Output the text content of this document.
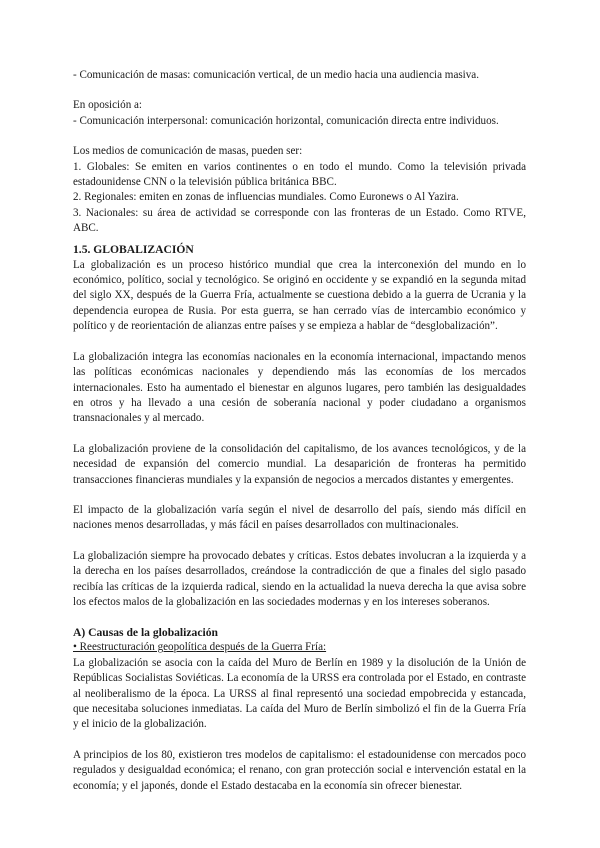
- Comunicación de masas: comunicación vertical, de un medio hacia una audiencia masiva.

En oposición a:

- Comunicación interpersonal: comunicación horizontal, comunicación directa entre individuos.

Los medios de comunicación de masas, pueden ser:

1. Globales: Se emiten en varios continentes o en todo el mundo. Como la televisión privada estadounidense CNN o la televisión pública británica BBC.

2. Regionales: emiten en zonas de influencias mundiales. Como Euronews o Al Yazira.

3. Nacionales: su área de actividad se corresponde con las fronteras de un Estado. Como RTVE, ABC.

1.5. GLOBALIZACIÓN

La globalización es un proceso histórico mundial que crea la interconexión del mundo en lo económico, político, social y tecnológico. Se originó en occidente y se expandió en la segunda mitad del siglo XX, después de la Guerra Fría, actualmente se cuestiona debido a la guerra de Ucrania y la dependencia europea de Rusia. Por esta guerra, se han cerrado vías de intercambio económico y político y de reorientación de alianzas entre países y se empieza a hablar de “desglobalización”.

La globalización integra las economías nacionales en la economía internacional, impactando menos las políticas económicas nacionales y dependiendo más las economías de los mercados internacionales. Esto ha aumentado el bienestar en algunos lugares, pero también las desigualdades en otros y ha llevado a una cesión de soberanía nacional y poder ciudadano a organismos transnacionales y al mercado.

La globalización proviene de la consolidación del capitalismo, de los avances tecnológicos, y de la necesidad de expansión del comercio mundial. La desaparición de fronteras ha permitido transacciones financieras mundiales y la expansión de negocios a mercados distantes y emergentes.

El impacto de la globalización varía según el nivel de desarrollo del país, siendo más difícil en naciones menos desarrolladas, y más fácil en países desarrollados con multinacionales.

La globalización siempre ha provocado debates y críticas. Estos debates involucran a la izquierda y a la derecha en los países desarrollados, creándose la contradicción de que a finales del siglo pasado recibía las críticas de la izquierda radical, siendo en la actualidad la nueva derecha la que avisa sobre los efectos malos de la globalización en las sociedades modernas y en los intereses soberanos.

A) Causas de la globalización

• Reestructuración geopolítica después de la Guerra Fría:

La globalización se asocia con la caída del Muro de Berlín en 1989 y la disolución de la Unión de Repúblicas Socialistas Soviéticas. La economía de la URSS era controlada por el Estado, en contraste al neoliberalismo de la época. La URSS al final representó una sociedad empobrecida y estancada, que necesitaba soluciones inmediatas. La caída del Muro de Berlín simbolizó el fin de la Guerra Fría y el inicio de la globalización.

A principios de los 80, existieron tres modelos de capitalismo: el estadounidense con mercados poco regulados y desigualdad económica; el renano, con gran protección social e intervención estatal en la economía; y el japonés, donde el Estado destacaba en la economía sin ofrecer bienestar.
